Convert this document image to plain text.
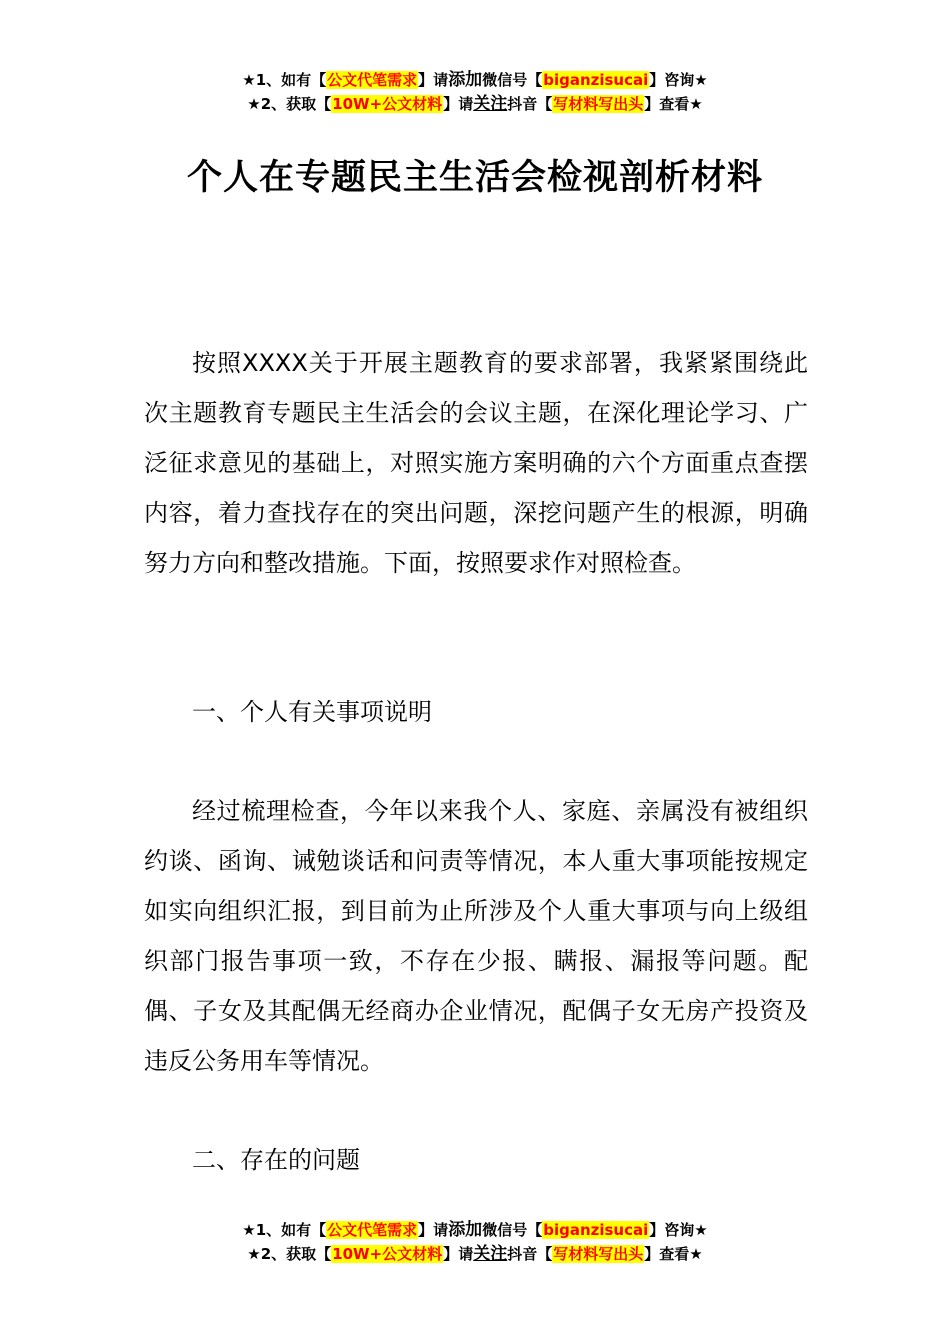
★1、如有【公文代笔需求】请添加微信号【biganzisucai】咨询★
★2、获取【10W+公文材料】请关注抖音【写材料写出头】查看★
个人在专题民主生活会检视剖析材料

按照XXXX关于开展主题教育的要求部署，我紧紧围绕此次主题教育专题民主生活会的会议主题，在深化理论学习、广泛征求意见的基础上，对照实施方案明确的六个方面重点查摆内容，着力查找存在的突出问题，深挖问题产生的根源，明确努力方向和整改措施。下面，按照要求作对照检查。

一、个人有关事项说明

经过梳理检查，今年以来我个人、家庭、亲属没有被组织约谈、函询、诫勉谈话和问责等情况，本人重大事项能按规定如实向组织汇报，到目前为止所涉及个人重大事项与向上级组织部门报告事项一致，不存在少报、瞒报、漏报等问题。配偶、子女及其配偶无经商办企业情况，配偶子女无房产投资及违反公务用车等情况。

二、存在的问题

★1、如有【公文代笔需求】请添加微信号【biganzisucai】咨询★
★2、获取【10W+公文材料】请关注抖音【写材料写出头】查看★
